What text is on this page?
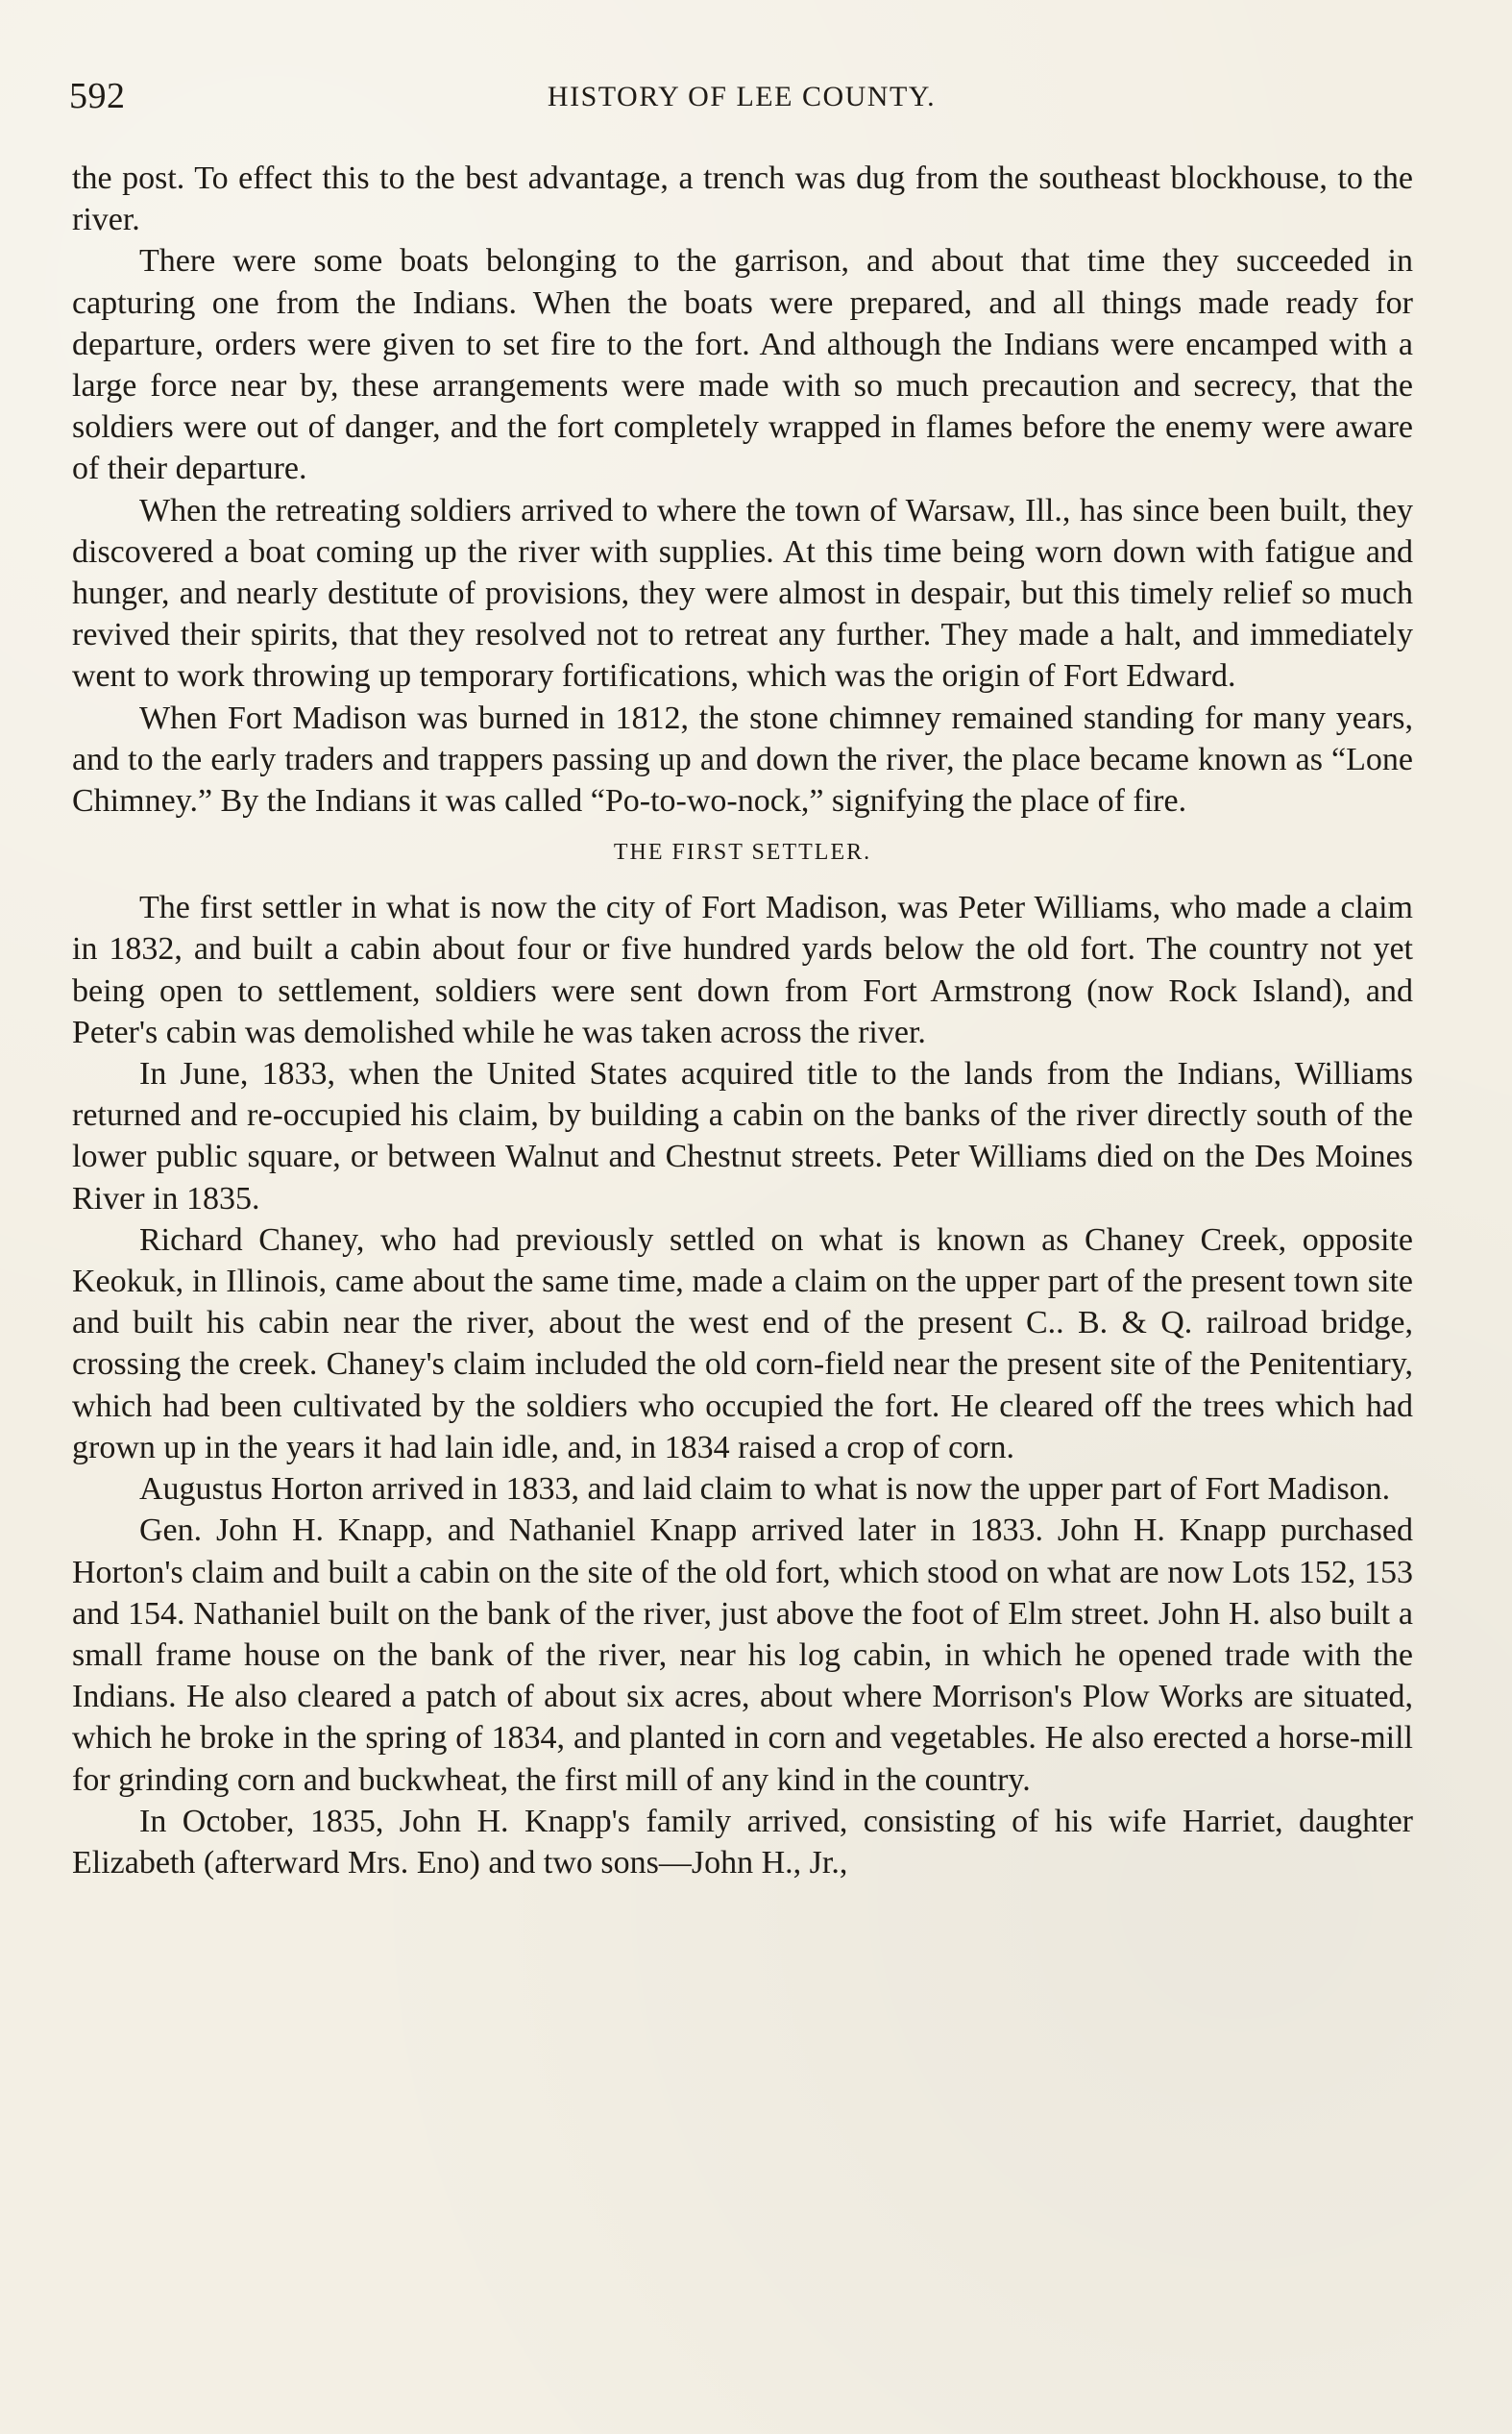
592	HISTORY OF LEE COUNTY.

the post. To effect this to the best advantage, a trench was dug from the southeast blockhouse, to the river.

There were some boats belonging to the garrison, and about that time they succeeded in capturing one from the Indians. When the boats were prepared, and all things made ready for departure, orders were given to set fire to the fort. And although the Indians were encamped with a large force near by, these arrangements were made with so much precaution and secrecy, that the soldiers were out of danger, and the fort completely wrapped in flames before the enemy were aware of their departure.

When the retreating soldiers arrived to where the town of Warsaw, Ill., has since been built, they discovered a boat coming up the river with supplies. At this time being worn down with fatigue and hunger, and nearly destitute of provisions, they were almost in despair, but this timely relief so much revived their spirits, that they resolved not to retreat any further. They made a halt, and immediately went to work throwing up temporary fortifications, which was the origin of Fort Edward.

When Fort Madison was burned in 1812, the stone chimney remained standing for many years, and to the early traders and trappers passing up and down the river, the place became known as “Lone Chimney.” By the Indians it was called “Po-to-wo-nock,” signifying the place of fire.

THE FIRST SETTLER.

The first settler in what is now the city of Fort Madison, was Peter Williams, who made a claim in 1832, and built a cabin about four or five hundred yards below the old fort. The country not yet being open to settlement, soldiers were sent down from Fort Armstrong (now Rock Island), and Peter's cabin was demolished while he was taken across the river.

In June, 1833, when the United States acquired title to the lands from the Indians, Williams returned and re-occupied his claim, by building a cabin on the banks of the river directly south of the lower public square, or between Walnut and Chestnut streets. Peter Williams died on the Des Moines River in 1835.

Richard Chaney, who had previously settled on what is known as Chaney Creek, opposite Keokuk, in Illinois, came about the same time, made a claim on the upper part of the present town site and built his cabin near the river, about the west end of the present C.. B. & Q. railroad bridge, crossing the creek. Chaney's claim included the old corn-field near the present site of the Penitentiary, which had been cultivated by the soldiers who occupied the fort. He cleared off the trees which had grown up in the years it had lain idle, and, in 1834 raised a crop of corn.

Augustus Horton arrived in 1833, and laid claim to what is now the upper part of Fort Madison.

Gen. John H. Knapp, and Nathaniel Knapp arrived later in 1833. John H. Knapp purchased Horton's claim and built a cabin on the site of the old fort, which stood on what are now Lots 152, 153 and 154. Nathaniel built on the bank of the river, just above the foot of Elm street. John H. also built a small frame house on the bank of the river, near his log cabin, in which he opened trade with the Indians. He also cleared a patch of about six acres, about where Morrison's Plow Works are situated, which he broke in the spring of 1834, and planted in corn and vegetables. He also erected a horse-mill for grinding corn and buckwheat, the first mill of any kind in the country.

In October, 1835, John H. Knapp's family arrived, consisting of his wife Harriet, daughter Elizabeth (afterward Mrs. Eno) and two sons—John H., Jr.,
